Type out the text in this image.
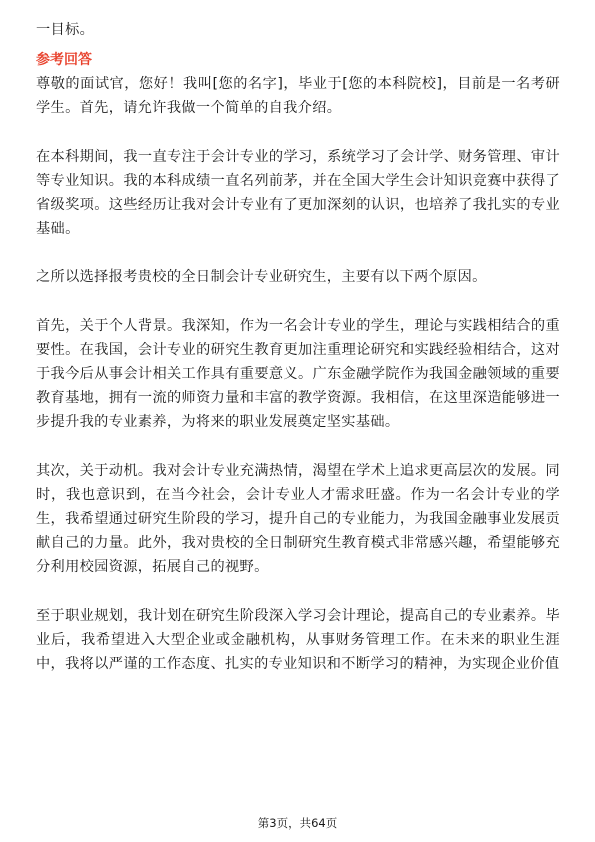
一目标。

参考回答

尊敬的面试官，您好！我叫[您的名字]，毕业于[您的本科院校]，目前是一名考研学生。首先，请允许我做一个简单的自我介绍。

在本科期间，我一直专注于会计专业的学习，系统学习了会计学、财务管理、审计等专业知识。我的本科成绩一直名列前茅，并在全国大学生会计知识竞赛中获得了省级奖项。这些经历让我对会计专业有了更加深刻的认识，也培养了我扎实的专业基础。

之所以选择报考贵校的全日制会计专业研究生，主要有以下两个原因。

首先，关于个人背景。我深知，作为一名会计专业的学生，理论与实践相结合的重要性。在我国，会计专业的研究生教育更加注重理论研究和实践经验相结合，这对于我今后从事会计相关工作具有重要意义。广东金融学院作为我国金融领域的重要教育基地，拥有一流的师资力量和丰富的教学资源。我相信，在这里深造能够进一步提升我的专业素养，为将来的职业发展奠定坚实基础。

其次，关于动机。我对会计专业充满热情，渴望在学术上追求更高层次的发展。同时，我也意识到，在当今社会，会计专业人才需求旺盛。作为一名会计专业的学生，我希望通过研究生阶段的学习，提升自己的专业能力，为我国金融事业发展贡献自己的力量。此外，我对贵校的全日制研究生教育模式非常感兴趣，希望能够充分利用校园资源，拓展自己的视野。

至于职业规划，我计划在研究生阶段深入学习会计理论，提高自己的专业素养。毕业后，我希望进入大型企业或金融机构，从事财务管理工作。在未来的职业生涯中，我将以严谨的工作态度、扎实的专业知识和不断学习的精神，为实现企业价值

第3页，共64页
